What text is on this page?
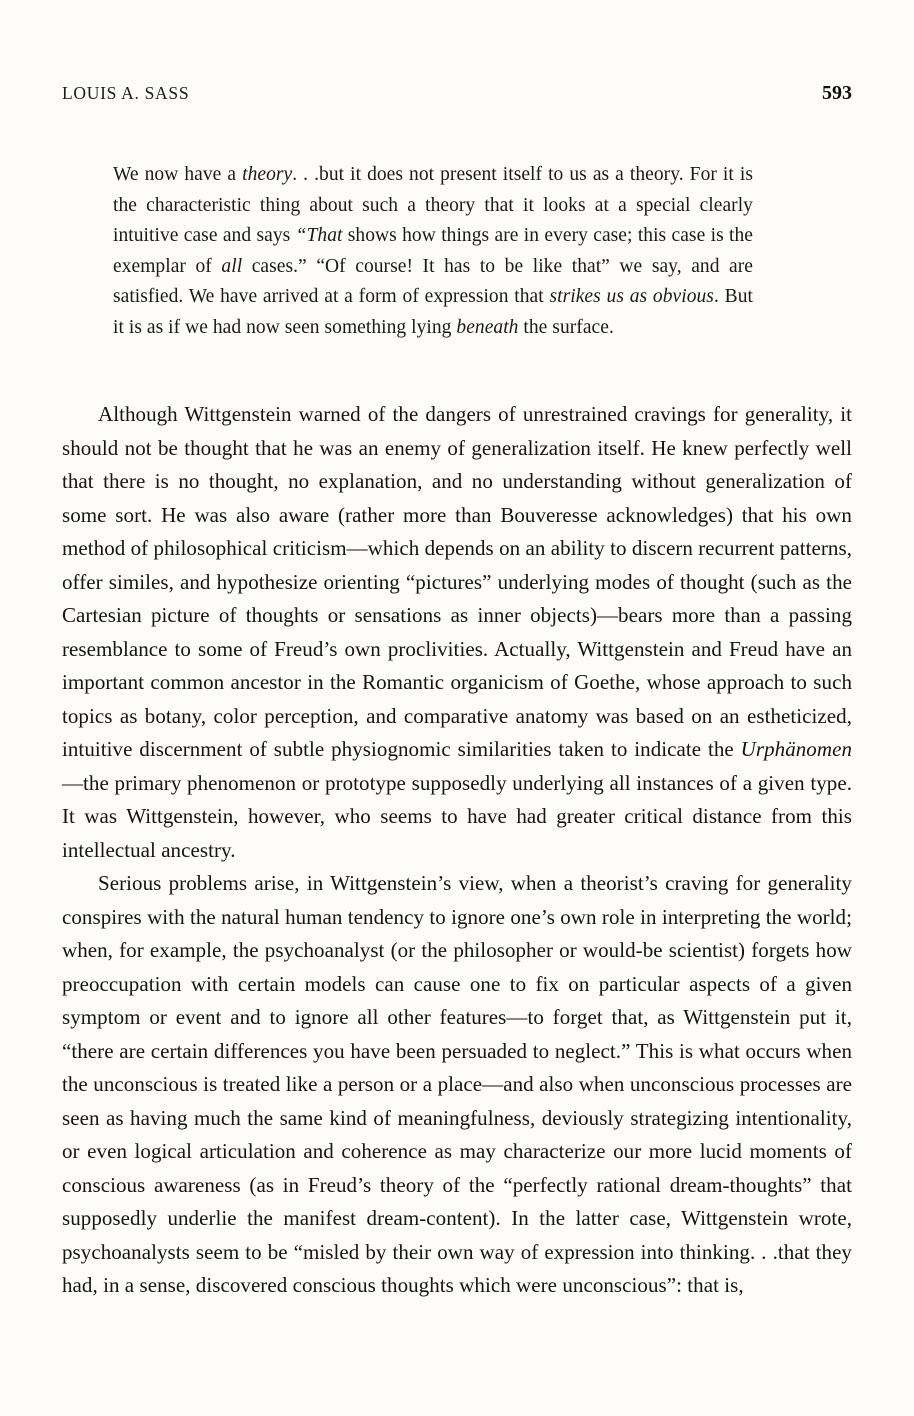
LOUIS A. SASS	593
We now have a theory. . .but it does not present itself to us as a theory. For it is the characteristic thing about such a theory that it looks at a special clearly intuitive case and says “That shows how things are in every case; this case is the exemplar of all cases.” “Of course! It has to be like that” we say, and are satisfied. We have arrived at a form of expression that strikes us as obvious. But it is as if we had now seen something lying beneath the surface.

Although Wittgenstein warned of the dangers of unrestrained cravings for generality, it should not be thought that he was an enemy of generalization itself. He knew perfectly well that there is no thought, no explanation, and no understanding without generalization of some sort. He was also aware (rather more than Bouveresse acknowledges) that his own method of philosophical criticism—which depends on an ability to discern recurrent patterns, offer similes, and hypothesize orienting “pictures” underlying modes of thought (such as the Cartesian picture of thoughts or sensations as inner objects)—bears more than a passing resemblance to some of Freud’s own proclivities. Actually, Wittgenstein and Freud have an important common ancestor in the Romantic organicism of Goethe, whose approach to such topics as botany, color perception, and comparative anatomy was based on an estheticized, intuitive discernment of subtle physiognomic similarities taken to indicate the Urphänomen—the primary phenomenon or prototype supposedly underlying all instances of a given type. It was Wittgenstein, however, who seems to have had greater critical distance from this intellectual ancestry.

Serious problems arise, in Wittgenstein’s view, when a theorist’s craving for generality conspires with the natural human tendency to ignore one’s own role in interpreting the world; when, for example, the psychoanalyst (or the philosopher or would-be scientist) forgets how preoccupation with certain models can cause one to fix on particular aspects of a given symptom or event and to ignore all other features—to forget that, as Wittgenstein put it, “there are certain differences you have been persuaded to neglect.” This is what occurs when the unconscious is treated like a person or a place—and also when unconscious processes are seen as having much the same kind of meaningfulness, deviously strategizing intentionality, or even logical articulation and coherence as may characterize our more lucid moments of conscious awareness (as in Freud’s theory of the “perfectly rational dream-thoughts” that supposedly underlie the manifest dream-content). In the latter case, Wittgenstein wrote, psychoanalysts seem to be “misled by their own way of expression into thinking. . .that they had, in a sense, discovered conscious thoughts which were unconscious”: that is,
